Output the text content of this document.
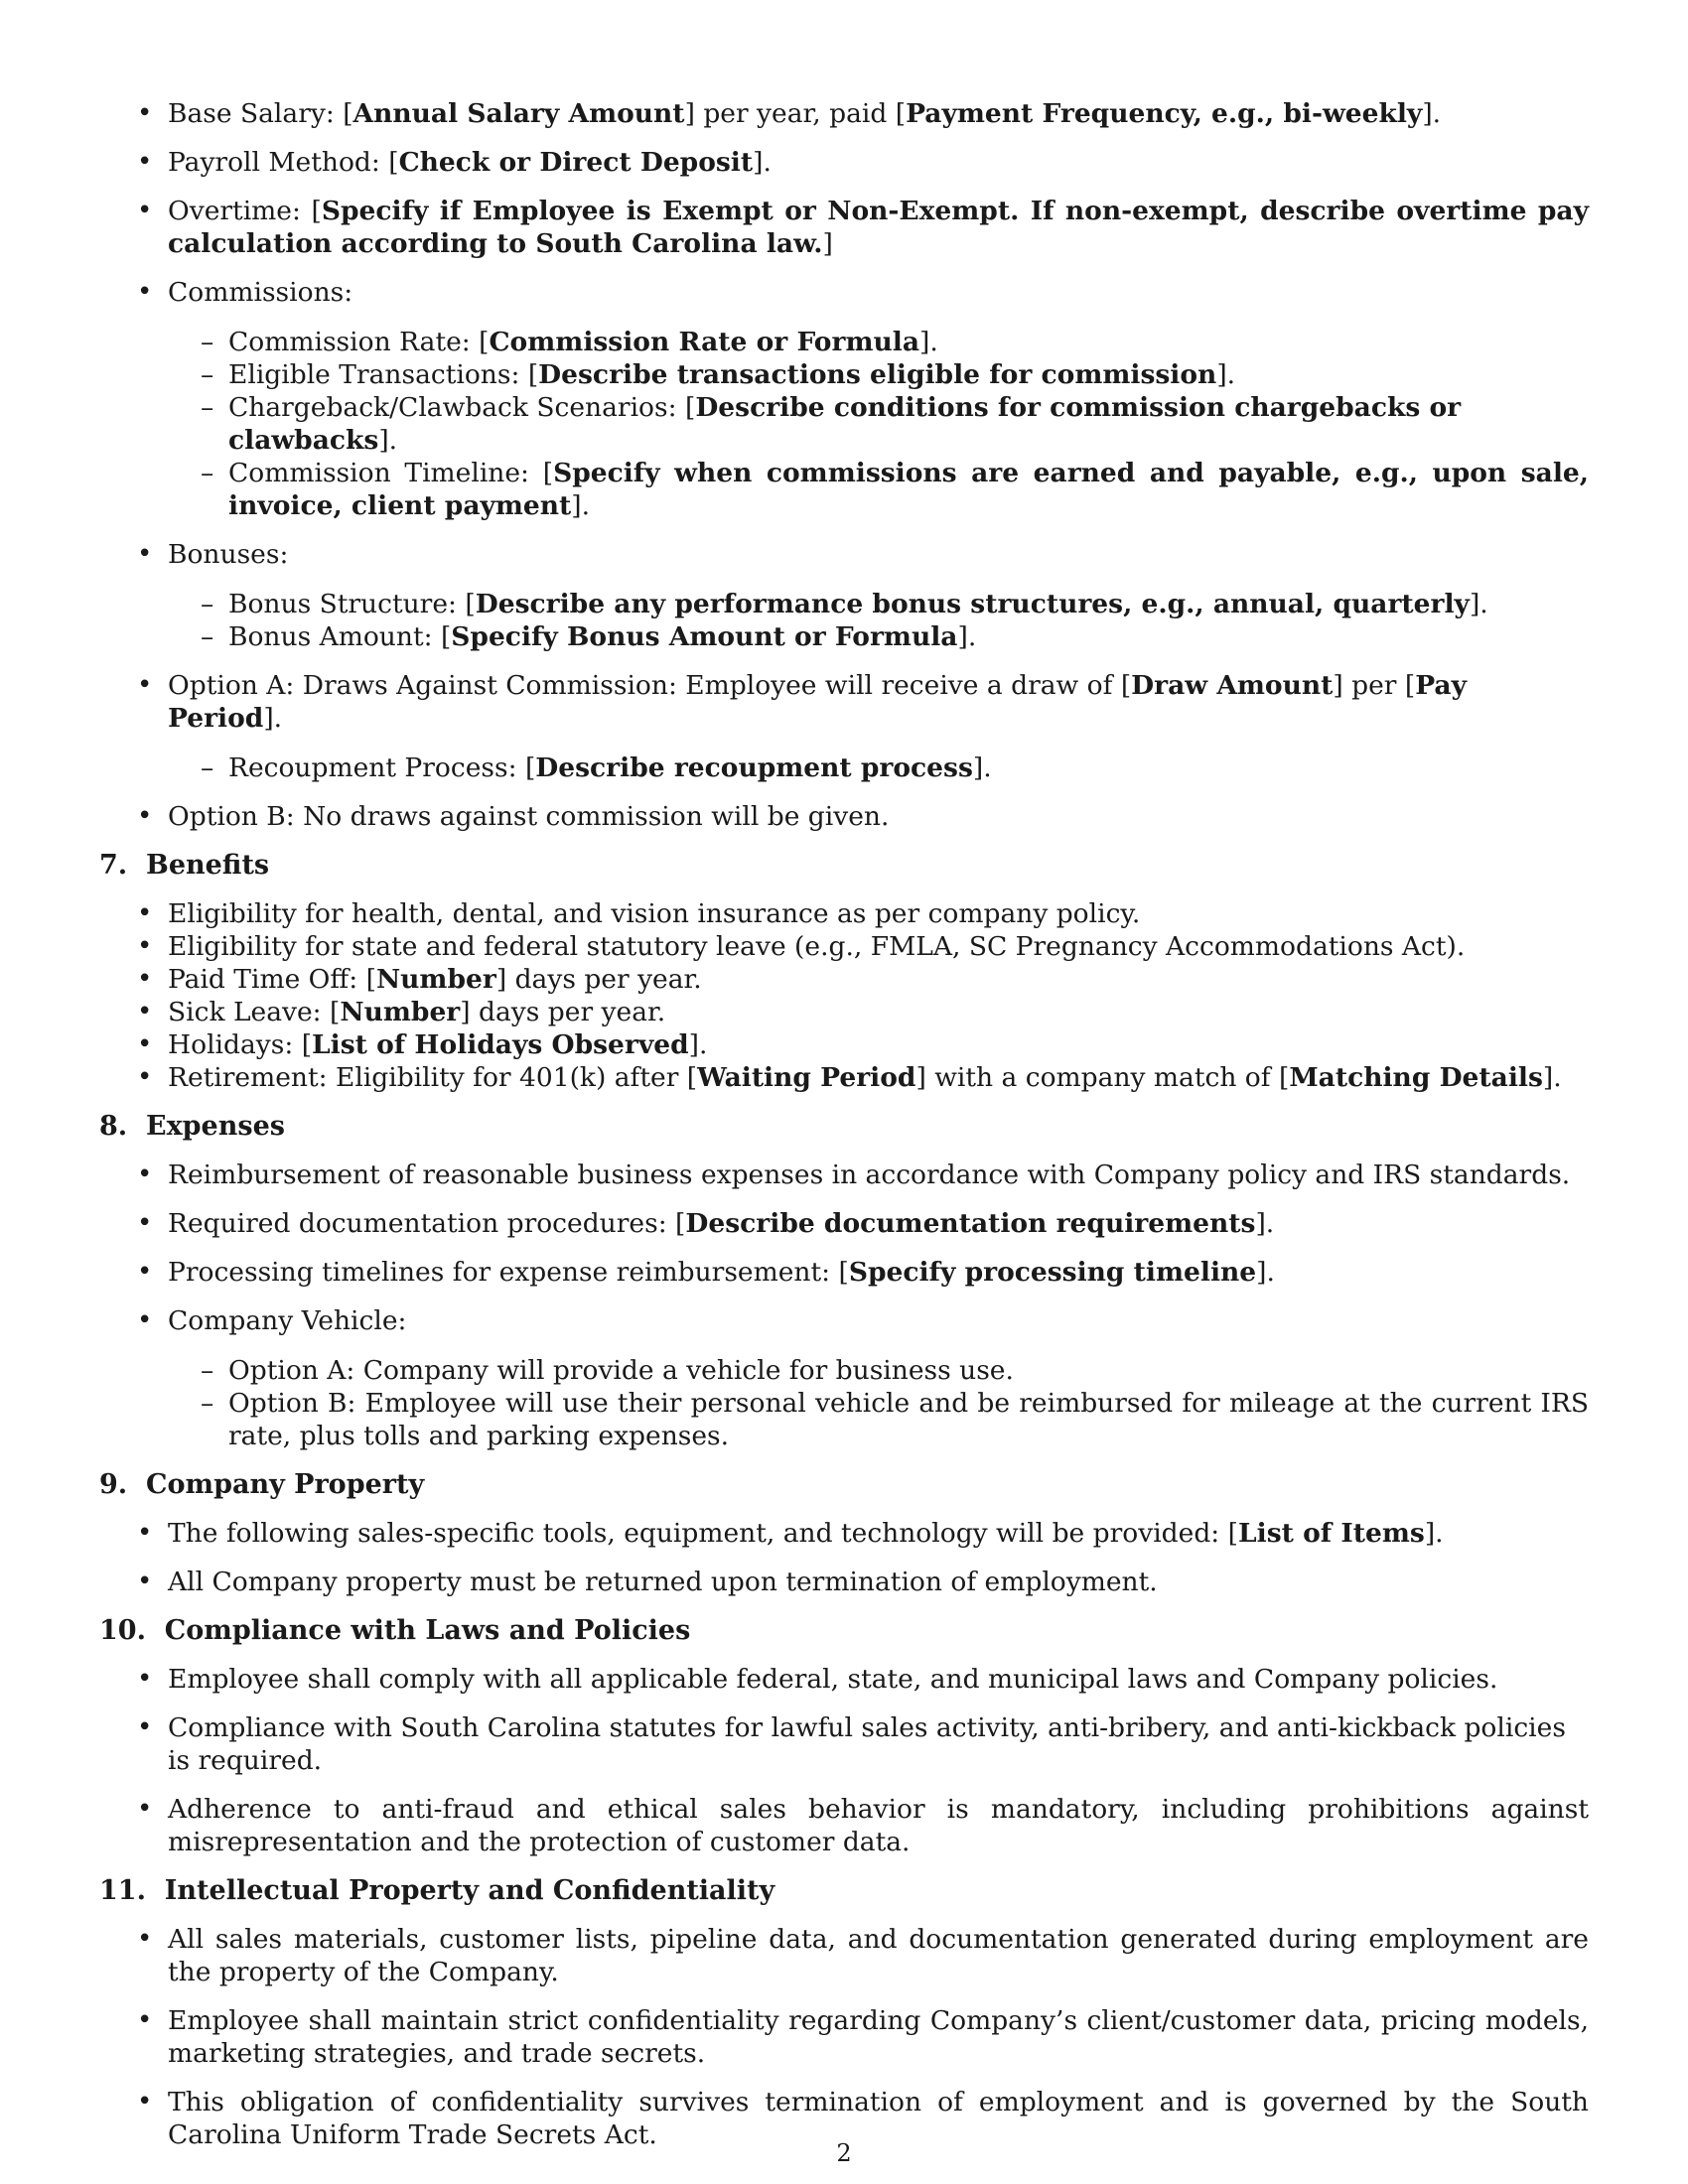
• Base Salary: [Annual Salary Amount] per year, paid [Payment Frequency, e.g., bi-weekly].
• Payroll Method: [Check or Direct Deposit].
• Overtime: [Specify if Employee is Exempt or Non-Exempt. If non-exempt, describe overtime pay calculation according to South Carolina law.]
• Commissions:
– Commission Rate: [Commission Rate or Formula].
– Eligible Transactions: [Describe transactions eligible for commission].
– Chargeback/Clawback Scenarios: [Describe conditions for commission chargebacks or clawbacks].
– Commission Timeline: [Specify when commissions are earned and payable, e.g., upon sale, invoice, client payment].
• Bonuses:
– Bonus Structure: [Describe any performance bonus structures, e.g., annual, quarterly].
– Bonus Amount: [Specify Bonus Amount or Formula].
• Option A: Draws Against Commission: Employee will receive a draw of [Draw Amount] per [Pay Period].
– Recoupment Process: [Describe recoupment process].
• Option B: No draws against commission will be given.
7. Benefits
• Eligibility for health, dental, and vision insurance as per company policy.
• Eligibility for state and federal statutory leave (e.g., FMLA, SC Pregnancy Accommodations Act).
• Paid Time Off: [Number] days per year.
• Sick Leave: [Number] days per year.
• Holidays: [List of Holidays Observed].
• Retirement: Eligibility for 401(k) after [Waiting Period] with a company match of [Matching Details].
8. Expenses
• Reimbursement of reasonable business expenses in accordance with Company policy and IRS standards.
• Required documentation procedures: [Describe documentation requirements].
• Processing timelines for expense reimbursement: [Specify processing timeline].
• Company Vehicle:
– Option A: Company will provide a vehicle for business use.
– Option B: Employee will use their personal vehicle and be reimbursed for mileage at the current IRS rate, plus tolls and parking expenses.
9. Company Property
• The following sales-specific tools, equipment, and technology will be provided: [List of Items].
• All Company property must be returned upon termination of employment.
10. Compliance with Laws and Policies
• Employee shall comply with all applicable federal, state, and municipal laws and Company policies.
• Compliance with South Carolina statutes for lawful sales activity, anti-bribery, and anti-kickback policies is required.
• Adherence to anti-fraud and ethical sales behavior is mandatory, including prohibitions against misrepresentation and the protection of customer data.
11. Intellectual Property and Confidentiality
• All sales materials, customer lists, pipeline data, and documentation generated during employment are the property of the Company.
• Employee shall maintain strict confidentiality regarding Company’s client/customer data, pricing models, marketing strategies, and trade secrets.
• This obligation of confidentiality survives termination of employment and is governed by the South Carolina Uniform Trade Secrets Act.
2
